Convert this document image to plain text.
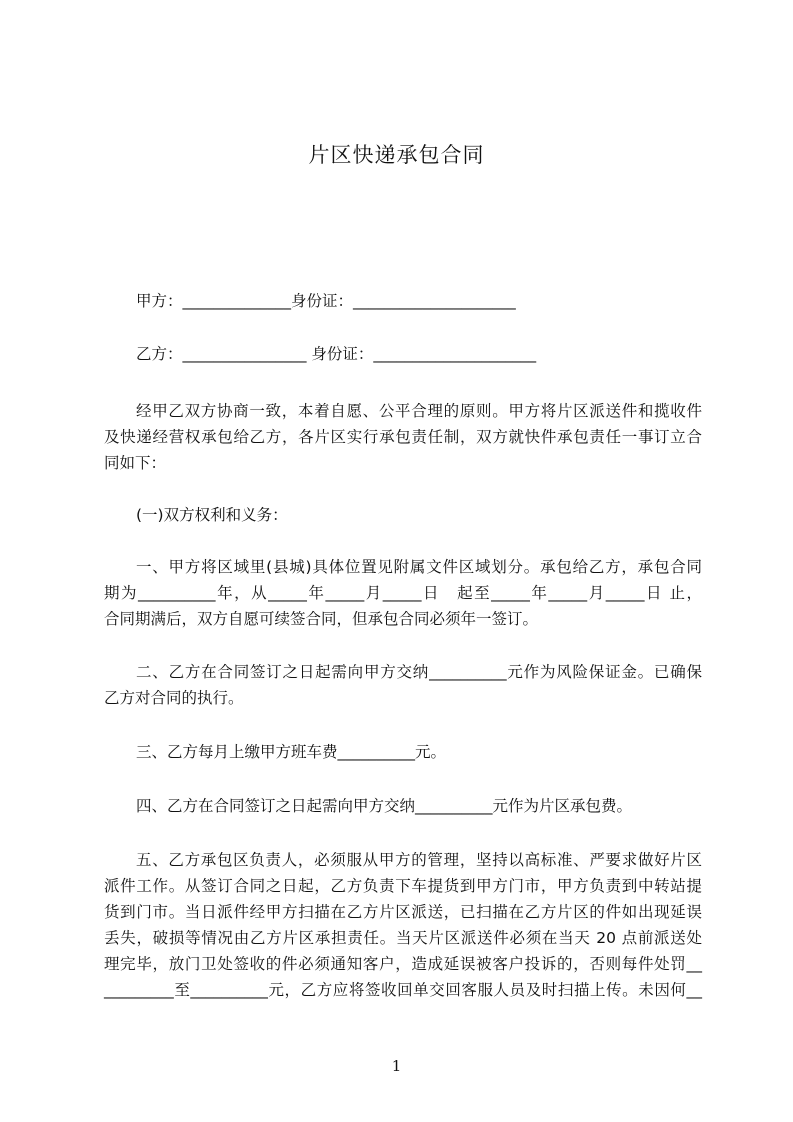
片区快递承包合同
甲方：______________身份证：_____________________
乙方：________________ 身份证：_____________________
经甲乙双方协商一致，本着自愿、公平合理的原则。甲方将片区派送件和揽收件
及快递经营权承包给乙方，各片区实行承包责任制，双方就快件承包责任一事订立合
同如下：
(一)双方权利和义务：
一、甲方将区域里(县城)具体位置见附属文件区域划分。承包给乙方，承包合同
期为__________年，从_____年_____月_____日　起至_____年_____月_____日 止，
合同期满后，双方自愿可续签合同，但承包合同必须年一签订。
二、乙方在合同签订之日起需向甲方交纳__________元作为风险保证金。已确保
乙方对合同的执行。
三、乙方每月上缴甲方班车费__________元。
四、乙方在合同签订之日起需向甲方交纳__________元作为片区承包费。
五、乙方承包区负责人，必须服从甲方的管理，坚持以高标准、严要求做好片区
派件工作。从签订合同之日起，乙方负责下车提货到甲方门市，甲方负责到中转站提
货到门市。当日派件经甲方扫描在乙方片区派送，已扫描在乙方片区的件如出现延误
丢失，破损等情况由乙方片区承担责任。当天片区派送件必须在当天 20 点前派送处
理完毕，放门卫处签收的件必须通知客户，造成延误被客户投诉的，否则每件处罚__
_________至__________元，乙方应将签收回单交回客服人员及时扫描上传。未因何__
1
